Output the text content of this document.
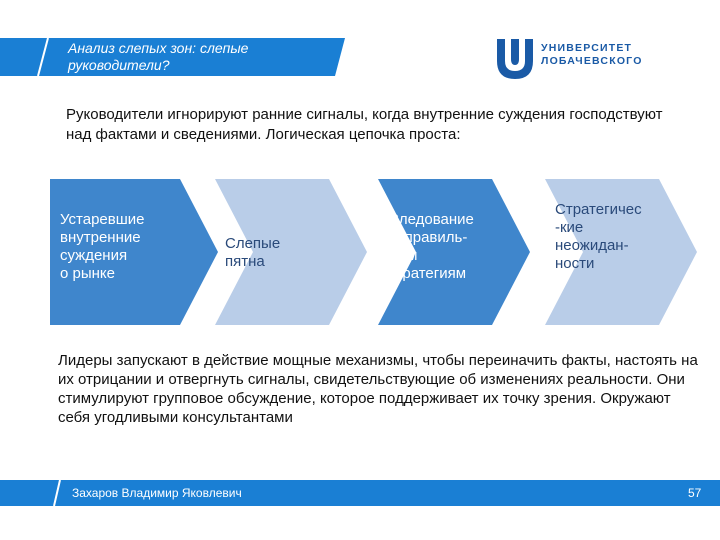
Анализ слепых зон: слепые руководители?
УНИВЕРСИТЕТ
ЛОБАЧЕВСКОГО
Руководители игнорируют ранние сигналы, когда внутренние суждения господствуют над фактами и сведениями. Логическая цепочка проста:
Устаревшие
внутренние
суждения
о рынке
Слепые
пятна
Следование
неправиль-
ным
стратегиям
Стратегичес
-кие
неожидан-
ности
Лидеры запускают в действие мощные механизмы, чтобы переиначить факты, настоять на их отрицании и отвергнуть сигналы, свидетельствующие об изменениях реальности. Они стимулируют групповое обсуждение, которое поддерживает их точку зрения. Окружают себя угодливыми консультантами
Захаров Владимир Яковлевич	57
